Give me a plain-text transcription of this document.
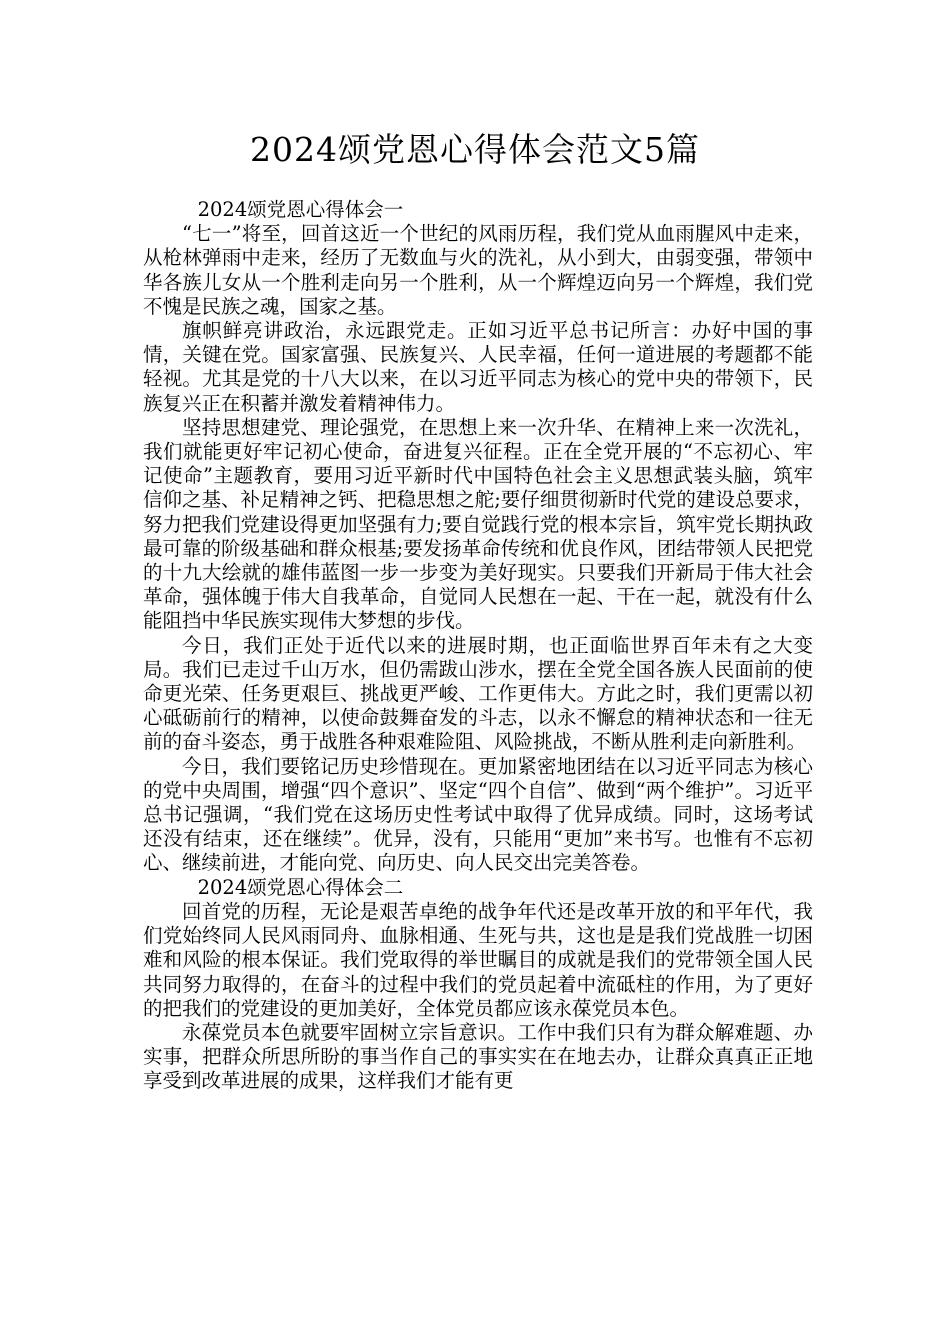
2024颂党恩心得体会范文5篇

2024颂党恩心得体会一

“七一”将至，回首这近一个世纪的风雨历程，我们党从血雨腥风中走来，从枪林弹雨中走来，经历了无数血与火的洗礼，从小到大，由弱变强，带领中华各族儿女从一个胜利走向另一个胜利，从一个辉煌迈向另一个辉煌，我们党不愧是民族之魂，国家之基。

旗帜鲜亮讲政治，永远跟党走。正如习近平总书记所言：办好中国的事情，关键在党。国家富强、民族复兴、人民幸福，任何一道进展的考题都不能轻视。尤其是党的十八大以来，在以习近平同志为核心的党中央的带领下，民族复兴正在积蓄并激发着精神伟力。

坚持思想建党、理论强党，在思想上来一次升华、在精神上来一次洗礼，我们就能更好牢记初心使命，奋进复兴征程。正在全党开展的“不忘初心、牢记使命”主题教育，要用习近平新时代中国特色社会主义思想武装头脑，筑牢信仰之基、补足精神之钙、把稳思想之舵;要仔细贯彻新时代党的建设总要求，努力把我们党建设得更加坚强有力;要自觉践行党的根本宗旨，筑牢党长期执政最可靠的阶级基础和群众根基;要发扬革命传统和优良作风，团结带领人民把党的十九大绘就的雄伟蓝图一步一步变为美好现实。只要我们开新局于伟大社会革命，强体魄于伟大自我革命，自觉同人民想在一起、干在一起，就没有什么能阻挡中华民族实现伟大梦想的步伐。

今日，我们正处于近代以来的进展时期，也正面临世界百年未有之大变局。我们已走过千山万水，但仍需跋山涉水，摆在全党全国各族人民面前的使命更光荣、任务更艰巨、挑战更严峻、工作更伟大。方此之时，我们更需以初心砥砺前行的精神，以使命鼓舞奋发的斗志，以永不懈怠的精神状态和一往无前的奋斗姿态，勇于战胜各种艰难险阻、风险挑战，不断从胜利走向新胜利。

今日，我们要铭记历史珍惜现在。更加紧密地团结在以习近平同志为核心的党中央周围，增强“四个意识”、坚定“四个自信”、做到“两个维护”。习近平总书记强调，“我们党在这场历史性考试中取得了优异成绩。同时，这场考试还没有结束，还在继续”。优异，没有，只能用“更加”来书写。也惟有不忘初心、继续前进，才能向党、向历史、向人民交出完美答卷。

2024颂党恩心得体会二

回首党的历程，无论是艰苦卓绝的战争年代还是改革开放的和平年代，我们党始终同人民风雨同舟、血脉相通、生死与共，这也是是我们党战胜一切困难和风险的根本保证。我们党取得的举世瞩目的成就是我们的党带领全国人民共同努力取得的，在奋斗的过程中我们的党员起着中流砥柱的作用，为了更好的把我们的党建设的更加美好，全体党员都应该永葆党员本色。

永葆党员本色就要牢固树立宗旨意识。工作中我们只有为群众解难题、办实事，把群众所思所盼的事当作自己的事实实在在地去办，让群众真真正正地享受到改革进展的成果，这样我们才能有更
